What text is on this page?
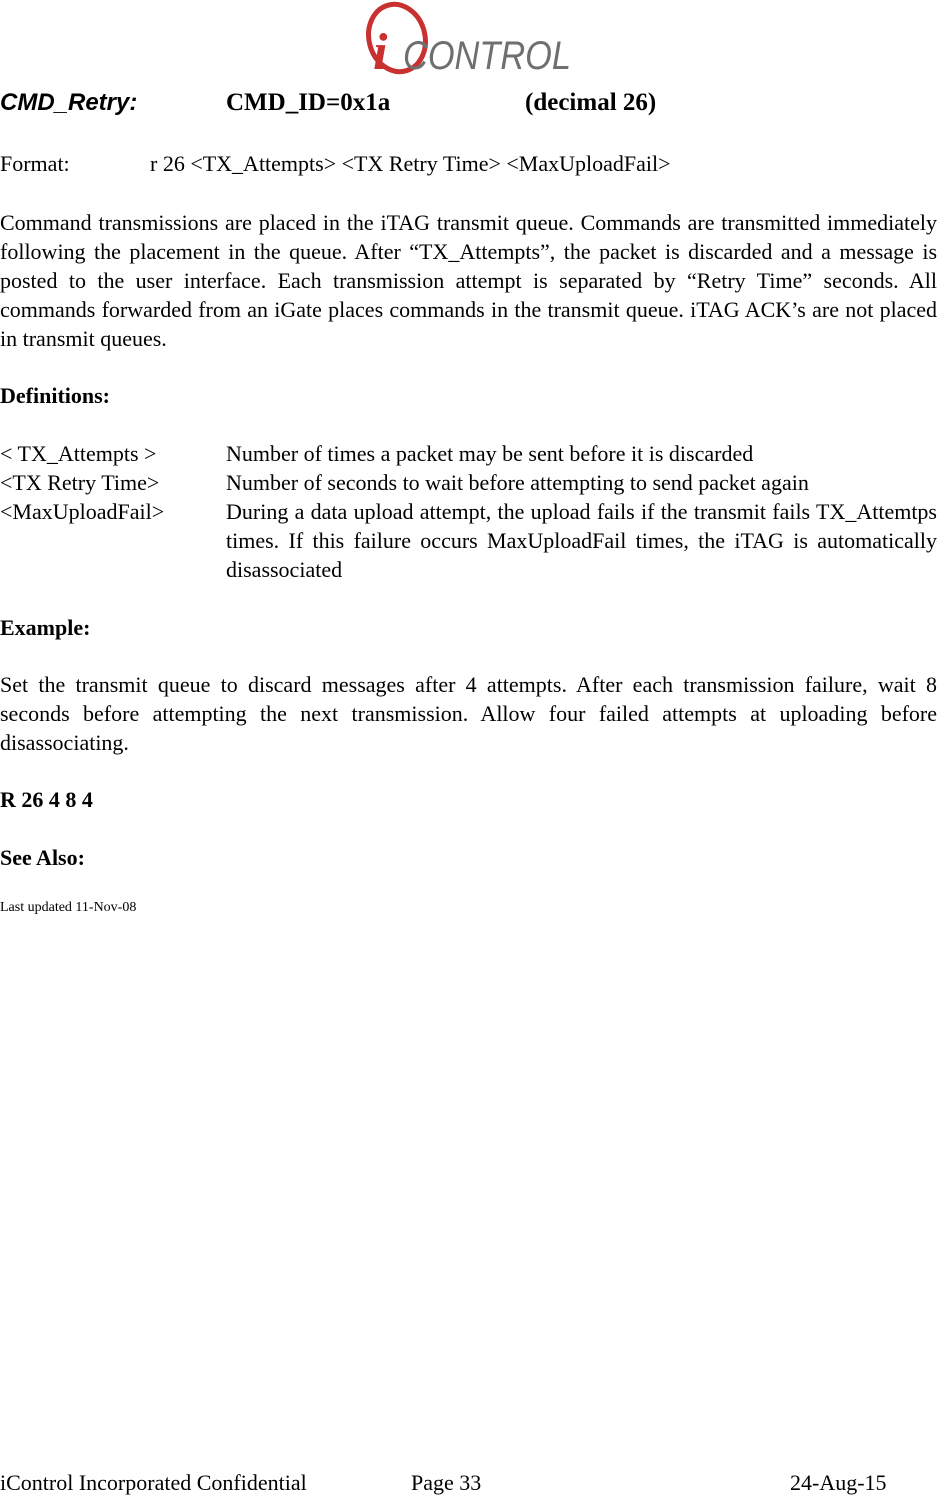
i CONTROL
CMD_Retry:	CMD_ID=0x1a	(decimal 26)
Format:	r 26 <TX_Attempts> <TX Retry Time> <MaxUploadFail>
Command transmissions are placed in the iTAG transmit queue. Commands are transmitted immediately following the placement in the queue. After “TX_Attempts”, the packet is discarded and a message is posted to the user interface. Each transmission attempt is separated by “Retry Time” seconds. All commands forwarded from an iGate places commands in the transmit queue. iTAG ACK’s are not placed in transmit queues.
Definitions:
< TX_Attempts >	Number of times a packet may be sent before it is discarded
<TX Retry Time>	Number of seconds to wait before attempting to send packet again
<MaxUploadFail>	During a data upload attempt, the upload fails if the transmit fails TX_Attemtps times. If this failure occurs MaxUploadFail times, the iTAG is automatically disassociated
Example:
Set the transmit queue to discard messages after 4 attempts. After each transmission failure, wait 8 seconds before attempting the next transmission. Allow four failed attempts at uploading before disassociating.
R 26 4 8 4
See Also:
Last updated 11-Nov-08
iControl Incorporated Confidential	Page 33	24-Aug-15
